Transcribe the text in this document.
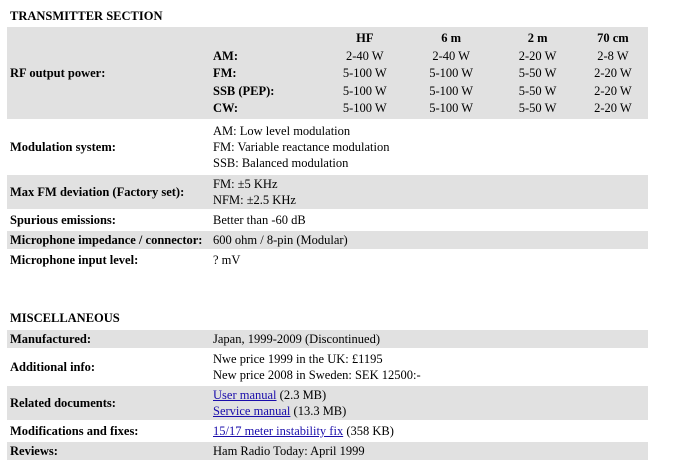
TRANSMITTER SECTION
RF output power:
	HF	6 m	2 m	70 cm
AM:	2-40 W	2-40 W	2-20 W	2-8 W
FM:	5-100 W	5-100 W	5-50 W	2-20 W
SSB (PEP):	5-100 W	5-100 W	5-50 W	2-20 W
CW:	5-100 W	5-100 W	5-50 W	2-20 W
Modulation system:
AM: Low level modulation
FM: Variable reactance modulation
SSB: Balanced modulation
Max FM deviation (Factory set):
FM: ±5 KHz
NFM: ±2.5 KHz
Spurious emissions:	Better than -60 dB
Microphone impedance / connector: 600 ohm / 8-pin (Modular)
Microphone input level:	? mV
MISCELLANEOUS
Manufactured:	Japan, 1999-2009 (Discontinued)
Additional info:
Nwe price 1999 in the UK: £1195
New price 2008 in Sweden: SEK 12500:-
Related documents:
User manual (2.3 MB)
Service manual (13.3 MB)
Modifications and fixes:	15/17 meter instability fix (358 KB)
Reviews:	Ham Radio Today: April 1999
